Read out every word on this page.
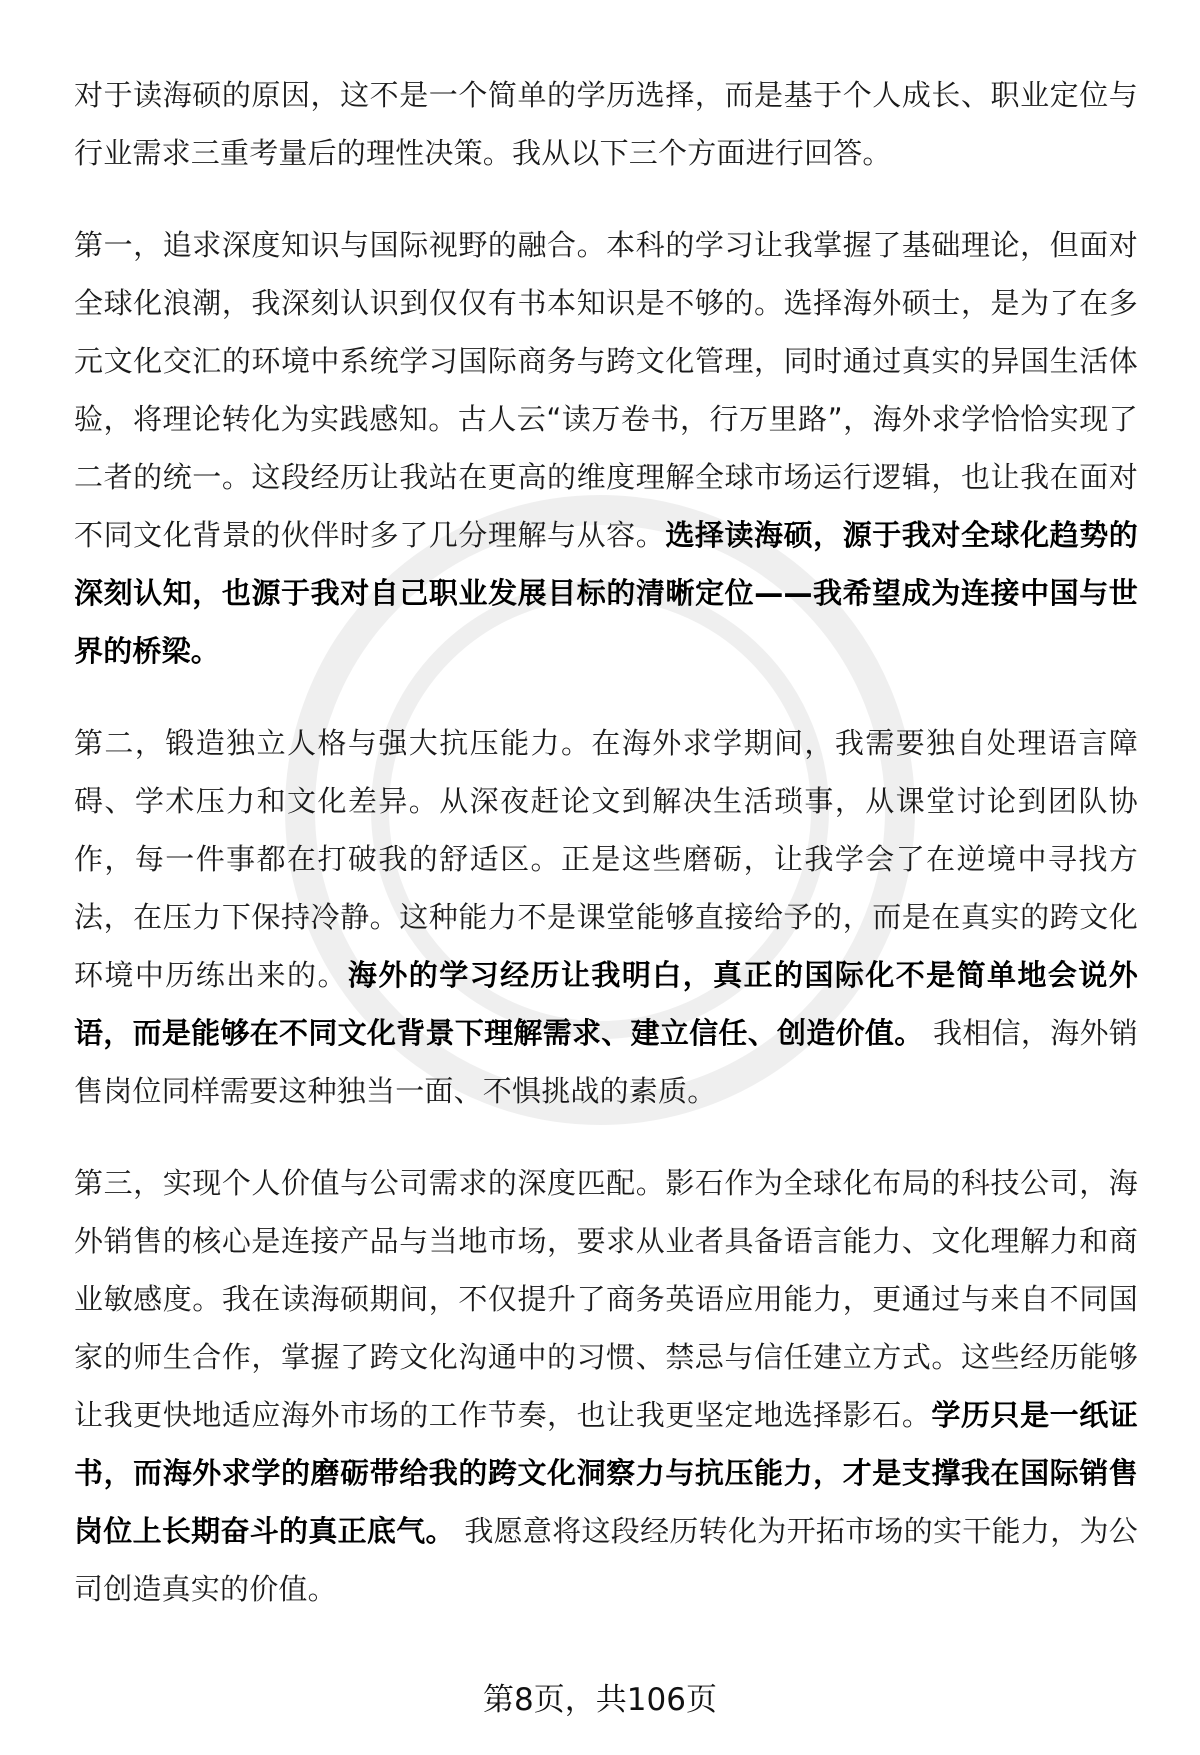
对于读海硕的原因，这不是一个简单的学历选择，而是基于个人成长、职业定位与行业需求三重考量后的理性决策。我从以下三个方面进行回答。

第一，追求深度知识与国际视野的融合。本科的学习让我掌握了基础理论，但面对全球化浪潮，我深刻认识到仅仅有书本知识是不够的。选择海外硕士，是为了在多元文化交汇的环境中系统学习国际商务与跨文化管理，同时通过真实的异国生活体验，将理论转化为实践感知。古人云“读万卷书，行万里路”，海外求学恰恰实现了二者的统一。这段经历让我站在更高的维度理解全球市场运行逻辑，也让我在面对不同文化背景的伙伴时多了几分理解与从容。选择读海硕，源于我对全球化趋势的深刻认知，也源于我对自己职业发展目标的清晰定位——我希望成为连接中国与世界的桥梁。

第二，锻造独立人格与强大抗压能力。在海外求学期间，我需要独自处理语言障碍、学术压力和文化差异。从深夜赶论文到解决生活琐事，从课堂讨论到团队协作，每一件事都在打破我的舒适区。正是这些磨砺，让我学会了在逆境中寻找方法，在压力下保持冷静。这种能力不是课堂能够直接给予的，而是在真实的跨文化环境中历练出来的。海外的学习经历让我明白，真正的国际化不是简单地会说外语，而是能够在不同文化背景下理解需求、建立信任、创造价值。 我相信，海外销售岗位同样需要这种独当一面、不惧挑战的素质。

第三，实现个人价值与公司需求的深度匹配。影石作为全球化布局的科技公司，海外销售的核心是连接产品与当地市场，要求从业者具备语言能力、文化理解力和商业敏感度。我在读海硕期间，不仅提升了商务英语应用能力，更通过与来自不同国家的师生合作，掌握了跨文化沟通中的习惯、禁忌与信任建立方式。这些经历能够让我更快地适应海外市场的工作节奏，也让我更坚定地选择影石。学历只是一纸证书，而海外求学的磨砺带给我的跨文化洞察力与抗压能力，才是支撑我在国际销售岗位上长期奋斗的真正底气。 我愿意将这段经历转化为开拓市场的实干能力，为公司创造真实的价值。

第8页，共106页
